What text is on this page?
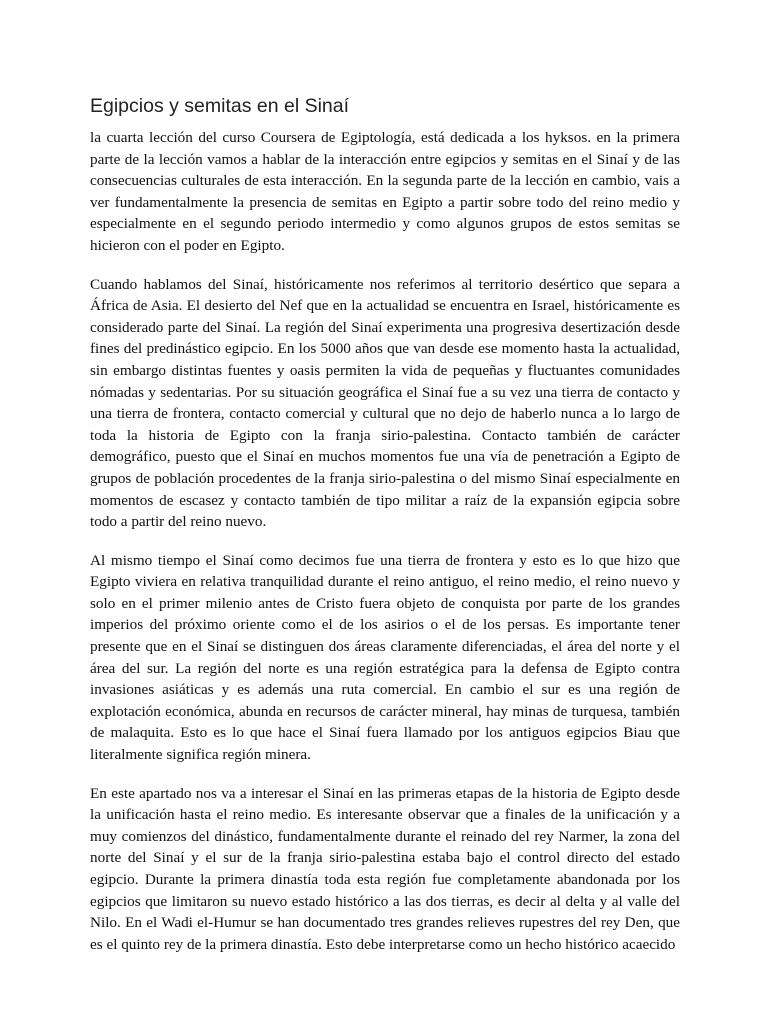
Egipcios y semitas en el Sinaí

la cuarta lección del curso Coursera de Egiptología, está dedicada a los hyksos. en la primera parte de la lección vamos a hablar de la interacción entre egipcios y semitas en el Sinaí y de las consecuencias culturales de esta interacción. En la segunda parte de la lección en cambio, vais a ver fundamentalmente la presencia de semitas en Egipto a partir sobre todo del reino medio y especialmente en el segundo periodo intermedio y como algunos grupos de estos semitas se hicieron con el poder en Egipto.

Cuando hablamos del Sinaí, históricamente nos referimos al territorio desértico que separa a África de Asia. El desierto del Nef que en la actualidad se encuentra en Israel, históricamente es considerado parte del Sinaí. La región del Sinaí experimenta una progresiva desertización desde fines del predinástico egipcio. En los 5000 años que van desde ese momento hasta la actualidad, sin embargo distintas fuentes y oasis permiten la vida de pequeñas y fluctuantes comunidades nómadas y sedentarias. Por su situación geográfica el Sinaí fue a su vez una tierra de contacto y una tierra de frontera, contacto comercial y cultural que no dejo de haberlo nunca a lo largo de toda la historia de Egipto con la franja sirio-palestina. Contacto también de carácter demográfico, puesto que el Sinaí en muchos momentos fue una vía de penetración a Egipto de grupos de población procedentes de la franja sirio-palestina o del mismo Sinaí especialmente en momentos de escasez y contacto también de tipo militar a raíz de la expansión egipcia sobre todo a partir del reino nuevo.

Al mismo tiempo el Sinaí como decimos fue una tierra de frontera y esto es lo que hizo que Egipto viviera en relativa tranquilidad durante el reino antiguo, el reino medio, el reino nuevo y solo en el primer milenio antes de Cristo fuera objeto de conquista por parte de los grandes imperios del próximo oriente como el de los asirios o el de los persas. Es importante tener presente que en el Sinaí se distinguen dos áreas claramente diferenciadas, el área del norte y el área del sur. La región del norte es una región estratégica para la defensa de Egipto contra invasiones asiáticas y es además una ruta comercial. En cambio el sur es una región de explotación económica, abunda en recursos de carácter mineral, hay minas de turquesa, también de malaquita. Esto es lo que hace el Sinaí fuera llamado por los antiguos egipcios Biau que literalmente significa región minera.

En este apartado nos va a interesar el Sinaí en las primeras etapas de la historia de Egipto desde la unificación hasta el reino medio. Es interesante observar que a finales de la unificación y a muy comienzos del dinástico, fundamentalmente durante el reinado del rey Narmer, la zona del norte del Sinaí y el sur de la franja sirio-palestina estaba bajo el control directo del estado egipcio. Durante la primera dinastía toda esta región fue completamente abandonada por los egipcios que limitaron su nuevo estado histórico a las dos tierras, es decir al delta y al valle del Nilo. En el Wadi el-Humur se han documentado tres grandes relieves rupestres del rey Den, que es el quinto rey de la primera dinastía. Esto debe interpretarse como un hecho histórico acaecido
